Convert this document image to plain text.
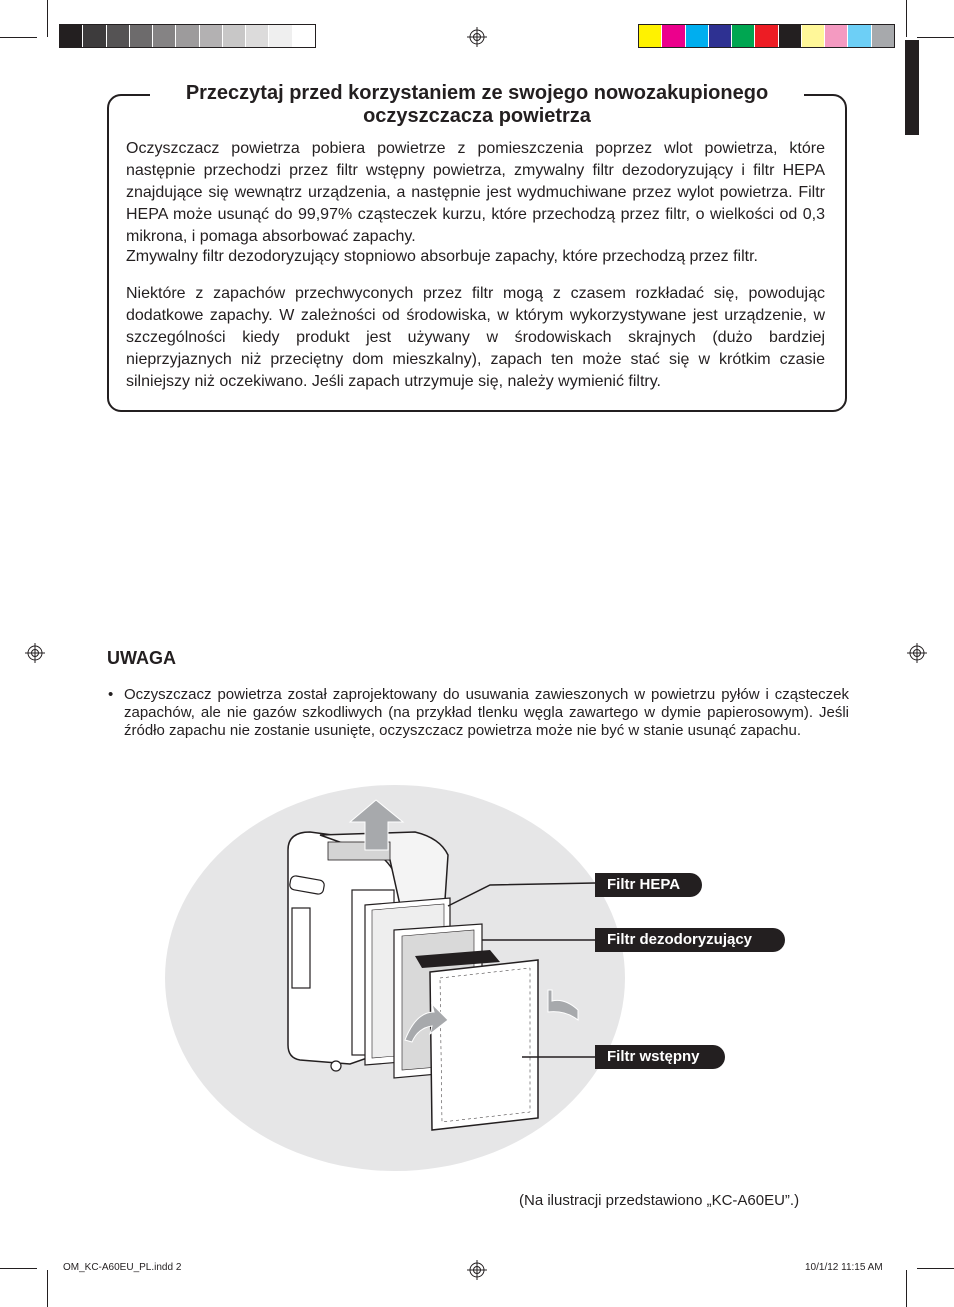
Przeczytaj przed korzystaniem ze swojego nowozakupionego oczyszczacza powietrza

Oczyszczacz powietrza pobiera powietrze z pomieszczenia poprzez wlot powietrza, które następnie przechodzi przez filtr wstępny powietrza, zmywalny filtr dezodoryzujący i filtr HEPA znajdujące się wewnątrz urządzenia, a następnie jest wydmuchiwane przez wylot powietrza. Filtr HEPA może usunąć do 99,97% cząsteczek kurzu, które przechodzą przez filtr, o wielkości od 0,3 mikrona, i pomaga absorbować zapachy.

Zmywalny filtr dezodoryzujący stopniowo absorbuje zapachy, które przechodzą przez filtr.

Niektóre z zapachów przechwyconych przez filtr mogą z czasem rozkładać się, powodując dodatkowe zapachy. W zależności od środowiska, w którym wykorzystywane jest urządzenie, w szczególności kiedy produkt jest używany w środowiskach skrajnych (dużo bardziej nieprzyjaznych niż przeciętny dom mieszkalny), zapach ten może stać się w krótkim czasie silniejszy niż oczekiwano. Jeśli zapach utrzymuje się, należy wymienić filtry.

UWAGA
• Oczyszczacz powietrza został zaprojektowany do usuwania zawieszonych w powietrzu pyłów i cząsteczek zapachów, ale nie gazów szkodliwych (na przykład tlenku węgla zawartego w dymie papierosowym). Jeśli źródło zapachu nie zostanie usunięte, oczyszczacz powietrza może nie być w stanie usunąć zapachu.

Filtr HEPA
Filtr dezodoryzujący
Filtr wstępny
(Na ilustracji przedstawiono „KC-A60EU”.)
OM_KC-A60EU_PL.indd 2	10/1/12 11:15 AM
